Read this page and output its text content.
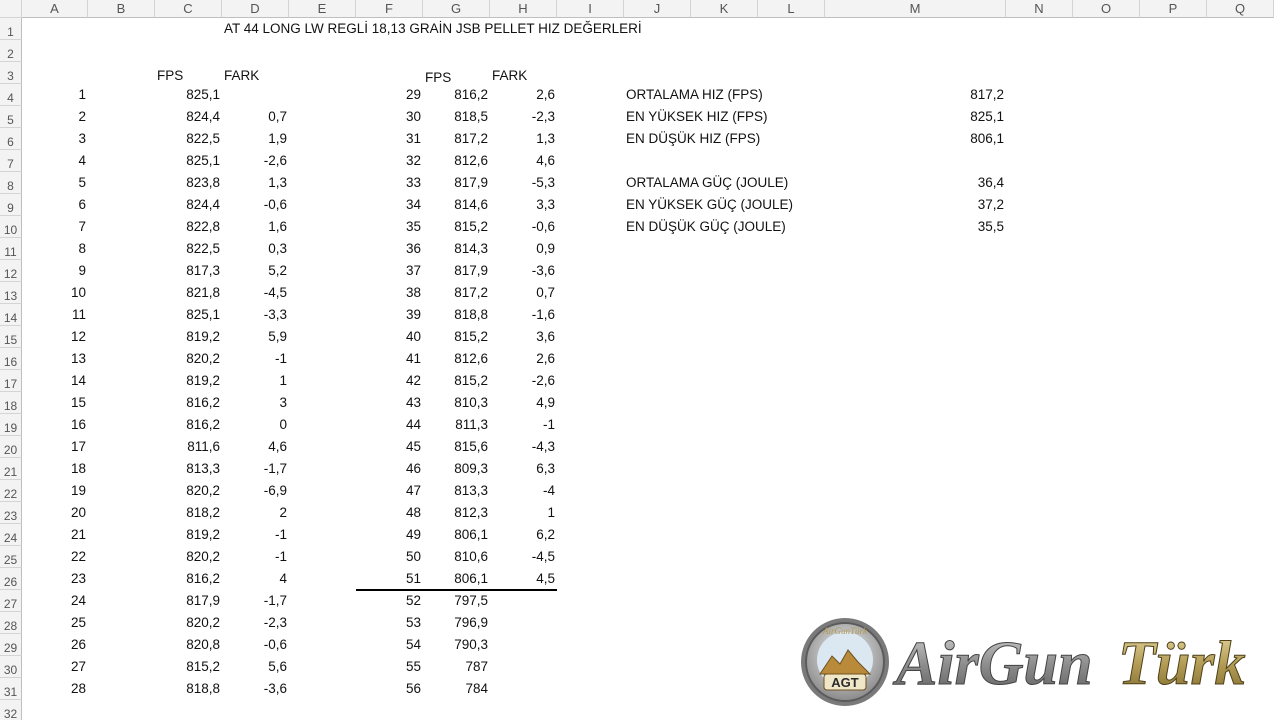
A	B	C	D	E	F	G	H	I	J	K	L	M	N	O	P	Q
1
2
3
4
5
6
7
8
9
10
11
12
13
14
15
16
17
18
19
20
21
22
23
24
25
26
27
28
29
30
31
32
AT 44 LONG LW REGLİ 18,13 GRAİN JSB PELLET HIZ DEĞERLERİ
FPS	FARK	FPS	FARK
1	825,1
2	824,4	0,7
3	822,5	1,9
4	825,1	-2,6
5	823,8	1,3
6	824,4	-0,6
7	822,8	1,6
8	822,5	0,3
9	817,3	5,2
10	821,8	-4,5
11	825,1	-3,3
12	819,2	5,9
13	820,2	-1
14	819,2	1
15	816,2	3
16	816,2	0
17	811,6	4,6
18	813,3	-1,7
19	820,2	-6,9
20	818,2	2
21	819,2	-1
22	820,2	-1
23	816,2	4
24	817,9	-1,7
25	820,2	-2,3
26	820,8	-0,6
27	815,2	5,6
28	818,8	-3,6
29	816,2	2,6
30	818,5	-2,3
31	817,2	1,3
32	812,6	4,6
33	817,9	-5,3
34	814,6	3,3
35	815,2	-0,6
36	814,3	0,9
37	817,9	-3,6
38	817,2	0,7
39	818,8	-1,6
40	815,2	3,6
41	812,6	2,6
42	815,2	-2,6
43	810,3	4,9
44	811,3	-1
45	815,6	-4,3
46	809,3	6,3
47	813,3	-4
48	812,3	1
49	806,1	6,2
50	810,6	-4,5
51	806,1	4,5
52	797,5
53	796,9
54	790,3
55	787
56	784
ORTALAMA HIZ (FPS)	817,2
EN YÜKSEK HIZ (FPS)	825,1
EN DÜŞÜK HIZ (FPS)	806,1
ORTALAMA GÜÇ (JOULE)	36,4
EN YÜKSEK GÜÇ (JOULE)	37,2
EN DÜŞÜK GÜÇ (JOULE)	35,5
AGT
AirGunTürk AirGun Türk
